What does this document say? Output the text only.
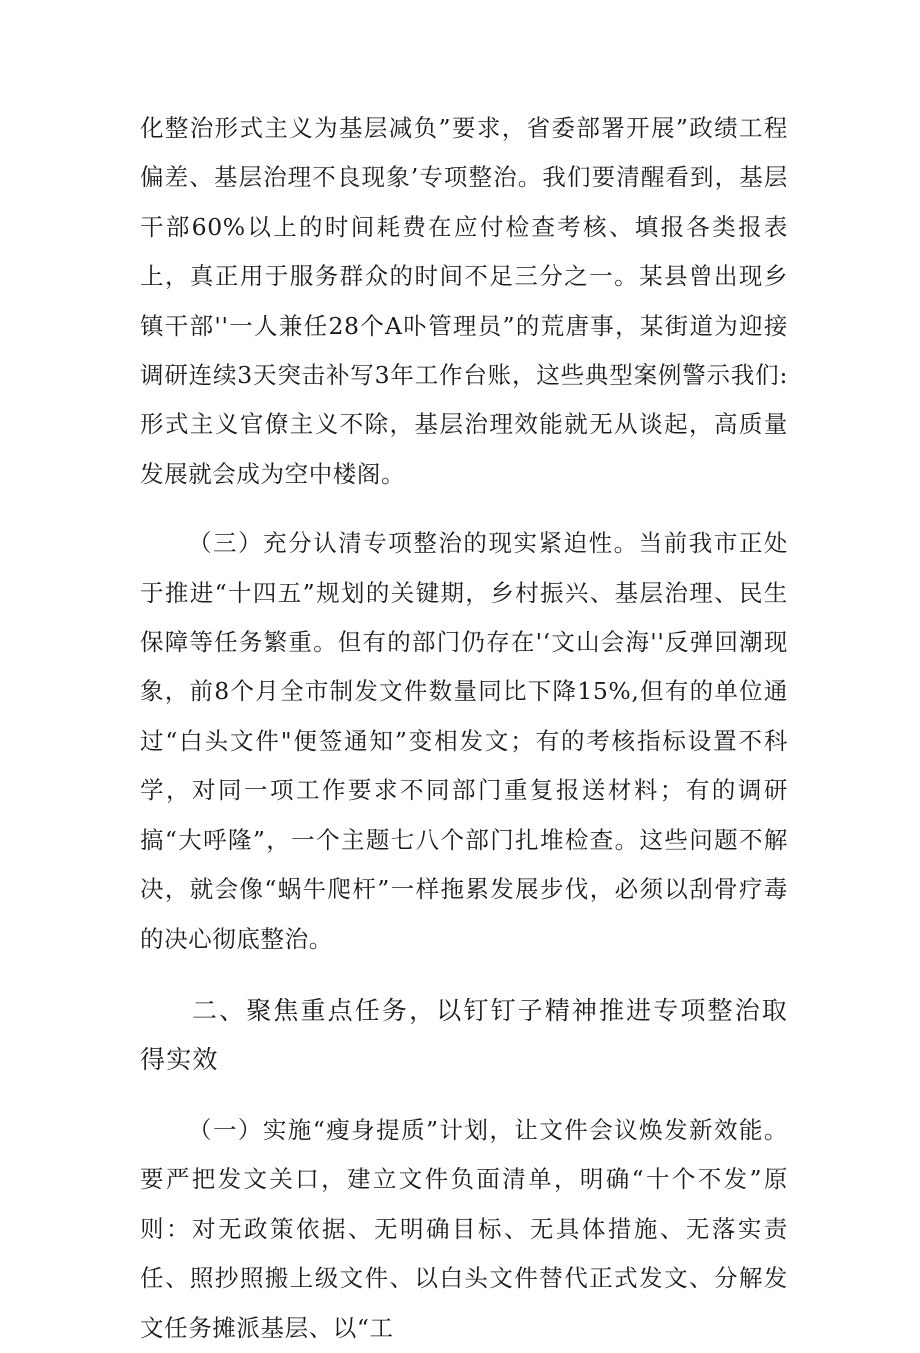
化整治形式主义为基层减负”要求，省委部署开展”政绩工程偏差、基层治理不良现象’专项整治。我们要清醒看到，基层干部60%以上的时间耗费在应付检查考核、填报各类报表上，真正用于服务群众的时间不足三分之一。某县曾出现乡镇干部''一人兼任28个A卟管理员”的荒唐事，某街道为迎接调研连续3天突击补写3年工作台账，这些典型案例警示我们:形式主义官僚主义不除，基层治理效能就无从谈起，高质量发展就会成为空中楼阁。

（三）充分认清专项整治的现实紧迫性。当前我市正处于推进“十四五”规划的关键期，乡村振兴、基层治理、民生保障等任务繁重。但有的部门仍存在'‘文山会海''反弹回潮现象，前8个月全市制发文件数量同比下降15%,但有的单位通过“白头文件"便签通知”变相发文；有的考核指标设置不科学，对同一项工作要求不同部门重复报送材料；有的调研搞“大呼隆”，一个主题七八个部门扎堆检查。这些问题不解决，就会像“蜗牛爬杆”一样拖累发展步伐，必须以刮骨疗毒的决心彻底整治。

二、聚焦重点任务，以钉钉子精神推进专项整治取得实效

（一）实施“瘦身提质”计划，让文件会议焕发新效能。要严把发文关口，建立文件负面清单，明确“十个不发”原则：对无政策依据、无明确目标、无具体措施、无落实责任、照抄照搬上级文件、以白头文件替代正式发文、分解发文任务摊派基层、以“工
